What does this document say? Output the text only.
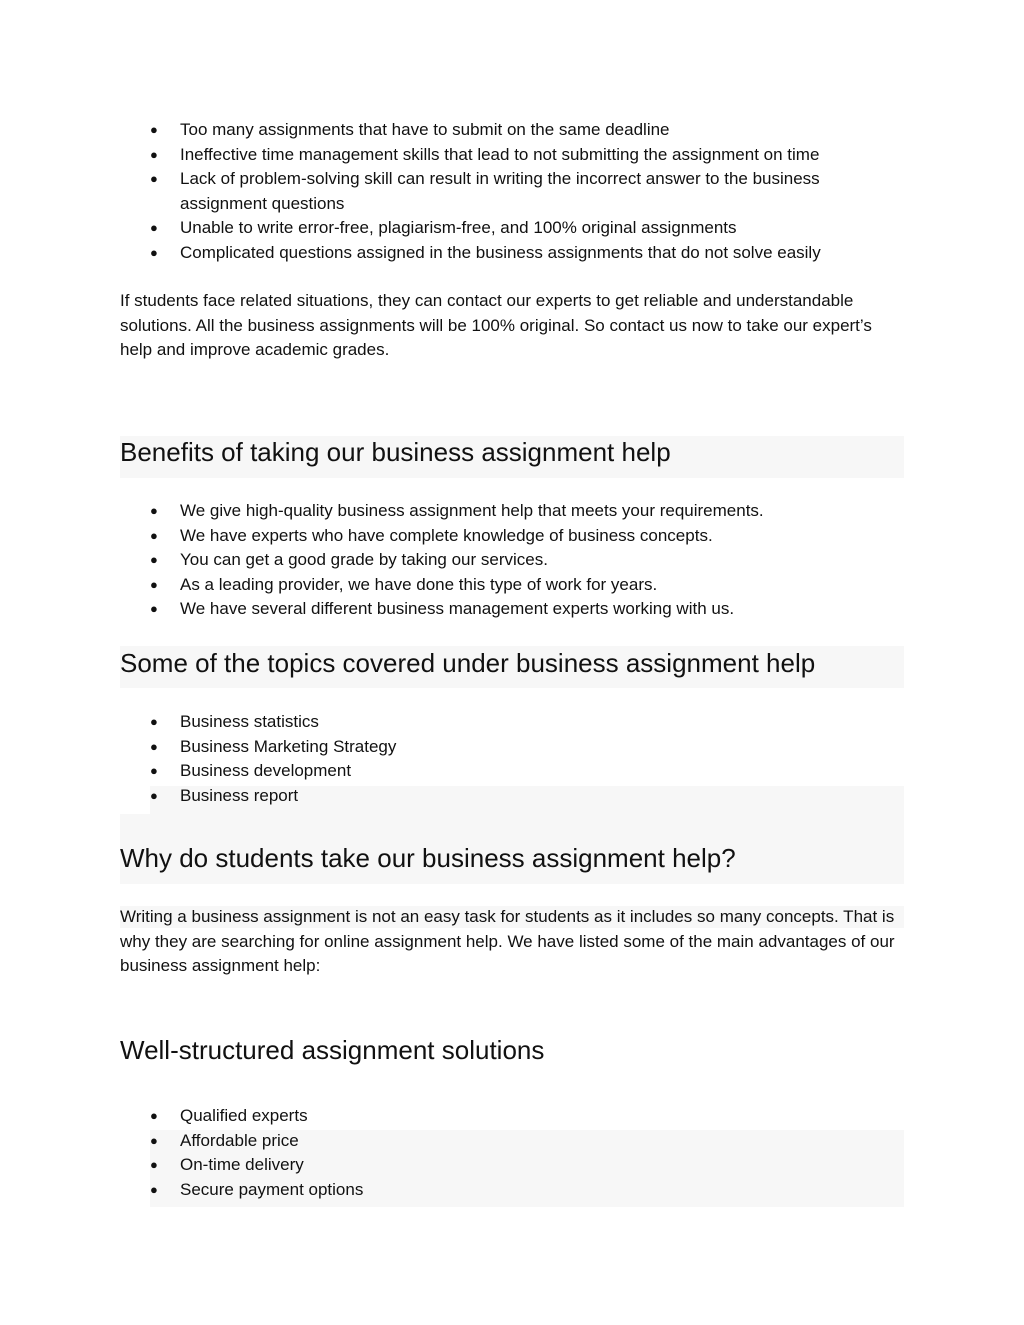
● Too many assignments that have to submit on the same deadline
● Ineffective time management skills that lead to not submitting the assignment on time
● Lack of problem-solving skill can result in writing the incorrect answer to the business assignment questions
● Unable to write error-free, plagiarism-free, and 100% original assignments
● Complicated questions assigned in the business assignments that do not solve easily

If students face related situations, they can contact our experts to get reliable and understandable solutions. All the business assignments will be 100% original. So contact us now to take our expert’s help and improve academic grades.

Benefits of taking our business assignment help
● We give high-quality business assignment help that meets your requirements.
● We have experts who have complete knowledge of business concepts.
● You can get a good grade by taking our services.
● As a leading provider, we have done this type of work for years.
● We have several different business management experts working with us.
Some of the topics covered under business assignment help
● Business statistics
● Business Marketing Strategy
● Business development
● Business report
Why do students take our business assignment help?

Writing a business assignment is not an easy task for students as it includes so many concepts. That is why they are searching for online assignment help. We have listed some of the main advantages of our business assignment help:

Well-structured assignment solutions
● Qualified experts
● Affordable price
● On-time delivery
● Secure payment options
